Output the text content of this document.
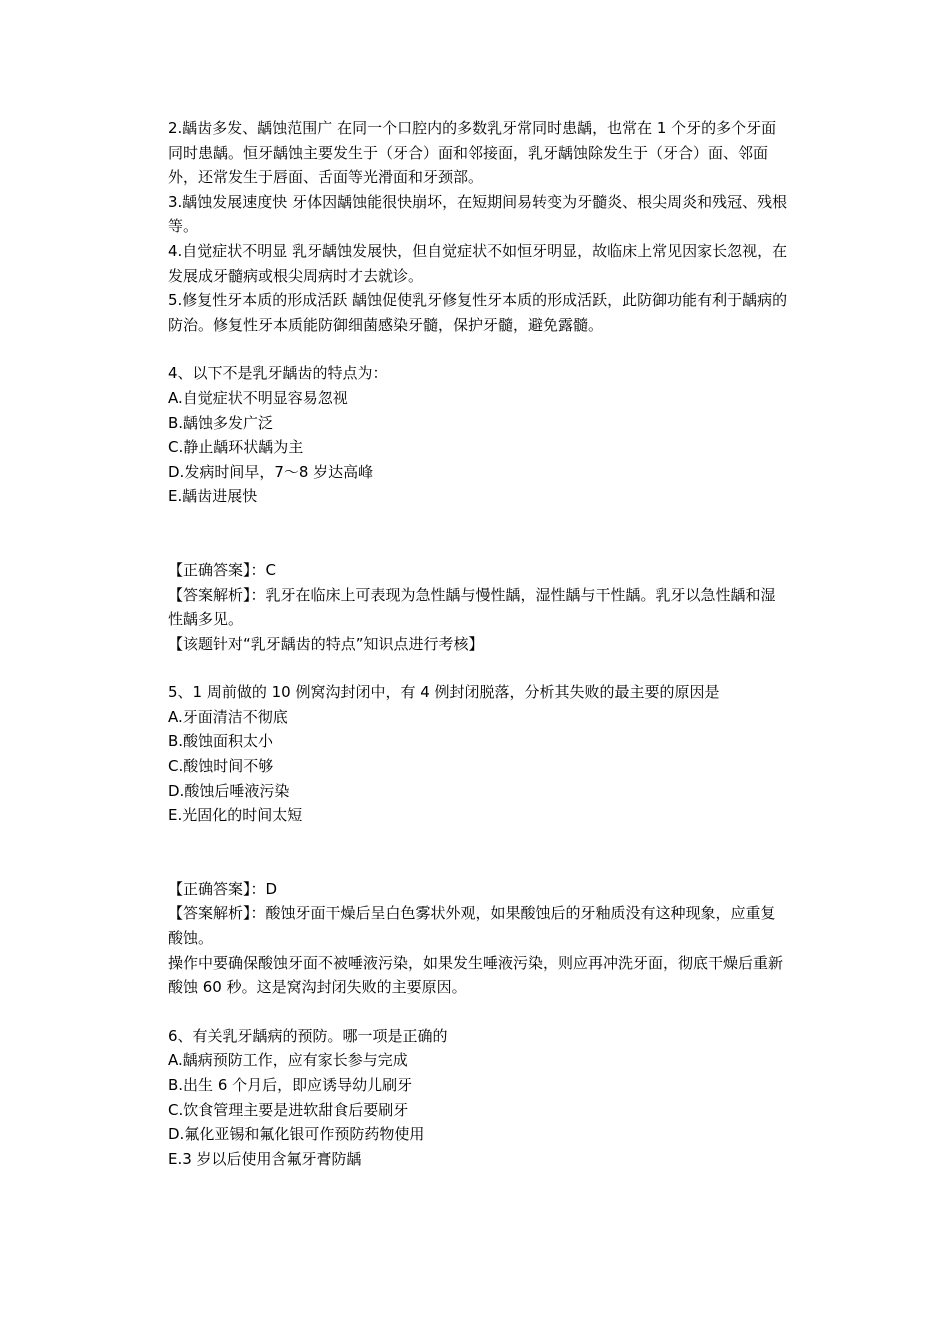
2.龋齿多发、龋蚀范围广 在同一个口腔内的多数乳牙常同时患龋，也常在 1 个牙的多个牙面同时患龋。恒牙龋蚀主要发生于（牙合）面和邻接面，乳牙龋蚀除发生于（牙合）面、邻面外，还常发生于唇面、舌面等光滑面和牙颈部。

3.龋蚀发展速度快 牙体因龋蚀能很快崩坏，在短期间易转变为牙髓炎、根尖周炎和残冠、残根等。

4.自觉症状不明显 乳牙龋蚀发展快，但自觉症状不如恒牙明显，故临床上常见因家长忽视，在发展成牙髓病或根尖周病时才去就诊。

5.修复性牙本质的形成活跃 龋蚀促使乳牙修复性牙本质的形成活跃，此防御功能有利于龋病的防治。修复性牙本质能防御细菌感染牙髓，保护牙髓，避免露髓。

4、以下不是乳牙龋齿的特点为：

A.自觉症状不明显容易忽视

B.龋蚀多发广泛

C.静止龋环状龋为主

D.发病时间早，7～8 岁达高峰

E.龋齿进展快

【正确答案】：C

【答案解析】：乳牙在临床上可表现为急性龋与慢性龋，湿性龋与干性龋。乳牙以急性龋和湿性龋多见。

【该题针对“乳牙龋齿的特点”知识点进行考核】

5、1 周前做的 10 例窝沟封闭中，有 4 例封闭脱落，分析其失败的最主要的原因是

A.牙面清洁不彻底

B.酸蚀面积太小

C.酸蚀时间不够

D.酸蚀后唾液污染

E.光固化的时间太短

【正确答案】：D

【答案解析】：酸蚀牙面干燥后呈白色雾状外观，如果酸蚀后的牙釉质没有这种现象，应重复酸蚀。

操作中要确保酸蚀牙面不被唾液污染，如果发生唾液污染，则应再冲洗牙面，彻底干燥后重新酸蚀 60 秒。这是窝沟封闭失败的主要原因。

6、有关乳牙龋病的预防。哪一项是正确的

A.龋病预防工作，应有家长参与完成

B.出生 6 个月后，即应诱导幼儿刷牙

C.饮食管理主要是进软甜食后要刷牙

D.氟化亚锡和氟化银可作预防药物使用

E.3 岁以后使用含氟牙膏防龋
